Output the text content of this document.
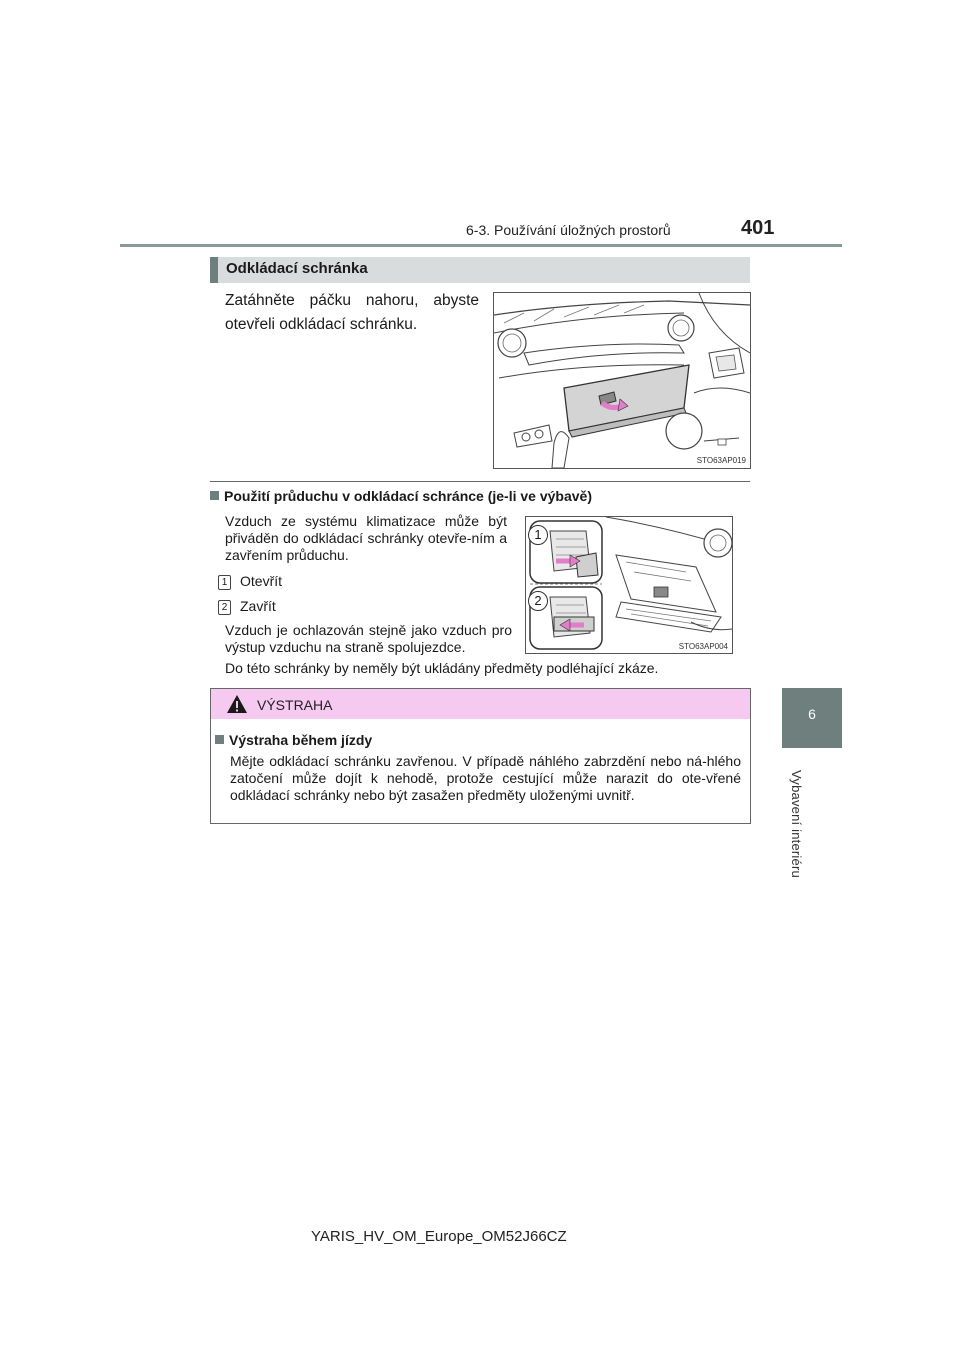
6-3. Používání úložných prostorů	401
6
Vybavení interiéru
Odkládací schránka
Zatáhněte páčku nahoru, abyste otevřeli odkládací schránku.
STO63AP019
Použití průduchu v odkládací schránce (je-li ve výbavě)
Vzduch ze systému klimatizace může být přiváděn do odkládací schránky otevře-ním a zavřením průduchu.
1 Otevřít
2 Zavřít
Vzduch je ochlazován stejně jako vzduch pro výstup vzduchu na straně spolujezdce.
Do této schránky by neměly být ukládány předměty podléhající zkáze.
1
2
STO63AP004
VÝSTRAHA
Výstraha během jízdy
Mějte odkládací schránku zavřenou. V případě náhlého zabrzdění nebo ná-hlého zatočení může dojít k nehodě, protože cestující může narazit do ote-vřené odkládací schránky nebo být zasažen předměty uloženými uvnitř.
YARIS_HV_OM_Europe_OM52J66CZ
